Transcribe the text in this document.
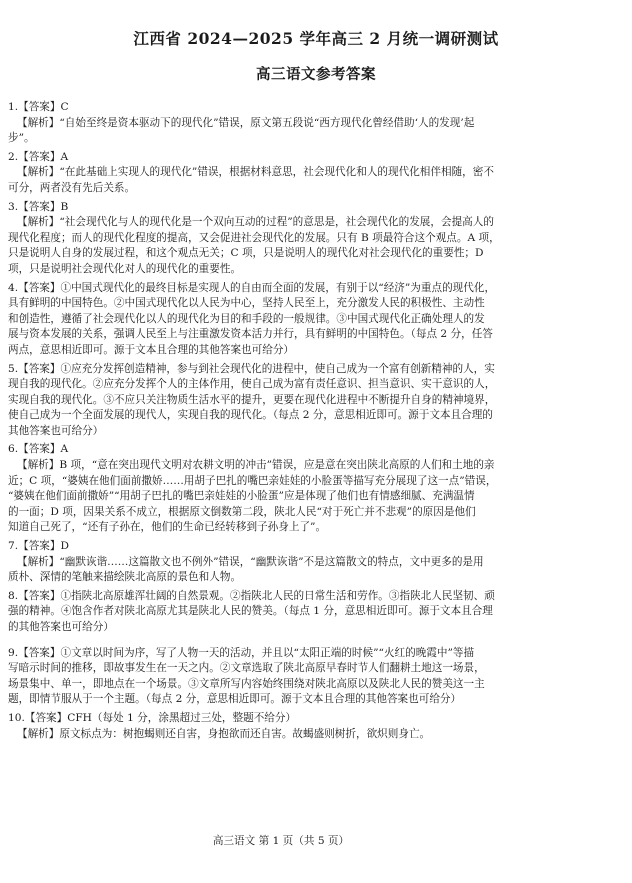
江西省 2024—2025 学年高三 2 月统一调研测试
高三语文参考答案
1.【答案】C
【解析】“自始至终是资本驱动下的现代化”错误，原文第五段说“西方现代化曾经借助‘人的发现’起
步”。
2.【答案】A
【解析】“在此基础上实现人的现代化”错误，根据材料意思，社会现代化和人的现代化相伴相随，密不
可分，两者没有先后关系。
3.【答案】B
【解析】“社会现代化与人的现代化是一个双向互动的过程”的意思是，社会现代化的发展，会提高人的
现代化程度；而人的现代化程度的提高，又会促进社会现代化的发展。只有 B 项最符合这个观点。A 项，
只是说明人自身的发展过程，和这个观点无关；C 项，只是说明人的现代化对社会现代化的重要性；D
项，只是说明社会现代化对人的现代化的重要性。
4.【答案】①中国式现代化的最终目标是实现人的自由而全面的发展，有别于以“经济”为重点的现代化，
具有鲜明的中国特色。②中国式现代化以人民为中心，坚持人民至上，充分激发人民的积极性、主动性
和创造性，遵循了社会现代化以人的现代化为目的和手段的一般规律。③中国式现代化正确处理人的发
展与资本发展的关系，强调人民至上与注重激发资本活力并行，具有鲜明的中国特色。（每点 2 分，任答
两点，意思相近即可。源于文本且合理的其他答案也可给分）
5.【答案】①应充分发挥创造精神，参与到社会现代化的进程中，使自己成为一个富有创新精神的人，实
现自我的现代化。②应充分发挥个人的主体作用，使自己成为富有责任意识、担当意识、实干意识的人，
实现自我的现代化。③不应只关注物质生活水平的提升，更要在现代化进程中不断提升自身的精神境界，
使自己成为一个全面发展的现代人，实现自我的现代化。（每点 2 分，意思相近即可。源于文本且合理的
其他答案也可给分）
6.【答案】A
【解析】B 项，“意在突出现代文明对农耕文明的冲击”错误，应是意在突出陕北高原的人们和土地的亲
近；C 项，“婆姨在他们面前撒娇……用胡子巴扎的嘴巴亲娃娃的小脸蛋等描写充分展现了这一点”错误，
“婆姨在他们面前撒娇”“用胡子巴扎的嘴巴亲娃娃的小脸蛋”应是体现了他们也有情感细腻、充满温情
的一面；D 项，因果关系不成立，根据原文倒数第二段，陕北人民“对于死亡并不悲观”的原因是他们
知道自己死了，“还有子孙在，他们的生命已经转移到子孙身上了”。
7.【答案】D
【解析】“幽默诙谐……这篇散文也不例外”错误，“幽默诙谐”不是这篇散文的特点，文中更多的是用
质朴、深情的笔触来描绘陕北高原的景色和人物。
8.【答案】①指陕北高原雄浑壮阔的自然景观。②指陕北人民的日常生活和劳作。③指陕北人民坚韧、顽
强的精神。④饱含作者对陕北高原尤其是陕北人民的赞美。（每点 1 分，意思相近即可。源于文本且合理
的其他答案也可给分）
9.【答案】①文章以时间为序，写了人物一天的活动，并且以“太阳正端的时候”“火红的晚霞中”等描
写暗示时间的推移，即故事发生在一天之内。②文章选取了陕北高原早春时节人们翻耕土地这一场景，
场景集中、单一，即地点在一个场景。③文章所写内容始终围绕对陕北高原以及陕北人民的赞美这一主
题，即情节服从于一个主题。（每点 2 分，意思相近即可。源于文本且合理的其他答案也可给分）
10.【答案】CFH（每处 1 分，涂黑超过三处，整题不给分）
【解析】原文标点为：树抱蝎则还自害，身抱欲而还自害。故蝎盛则树折，欲炽则身亡。
高三语文 第 1 页（共 5 页）
